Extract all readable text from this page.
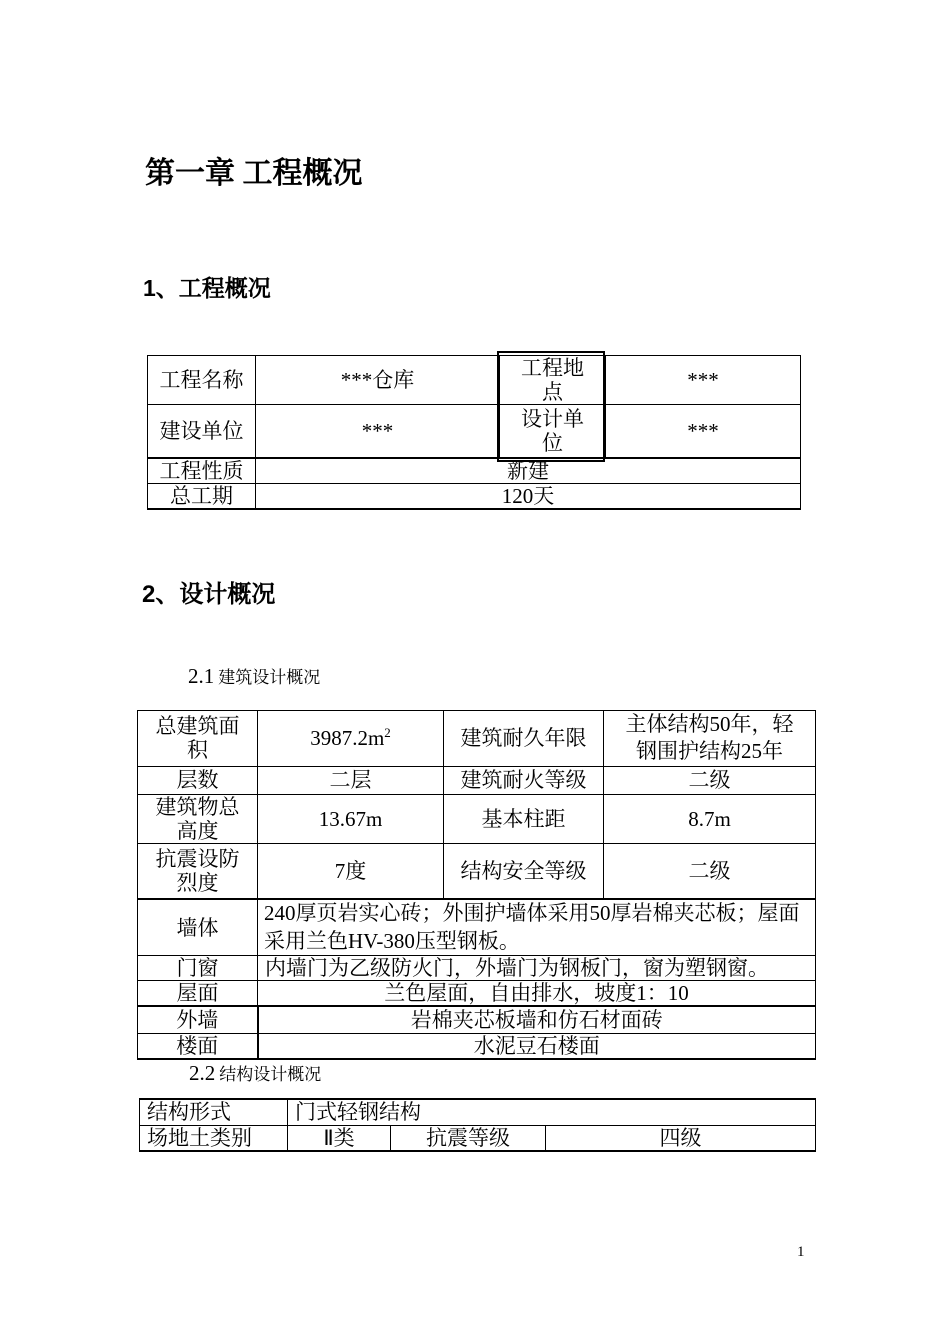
第一章 工程概况
1、工程概况
工程名称	***仓库	工程地点	***
建设单位	***	设计单位	***
工程性质	新建		
总工期	120天		
2、设计概况
2.1 建筑设计概况
总建筑面积	$3987.2m^2$	建筑耐久年限	主体结构50年，轻钢围护结构25年

层数	二层	建筑耐火等级	二级

建筑物总高度	13.67m	基本柱距	8.7m

抗震设防烈度	7度	结构安全等级	二级
墙体	240厚页岩实心砖；外围护墙体采用50厚岩棉夹芯板；屋面采用兰色HV-380压型钢板。		
门窗	内墙门为乙级防火门，外墙门为钢板门，窗为塑钢窗。		
屋面	兰色屋面，自由排水，坡度1：10		
外墙	岩棉夹芯板墙和仿石材面砖		
楼面	水泥豆石楼面		
2.2 结构设计概况
结构形式	门式轻钢结构		
场地土类别	Ⅱ类	抗震等级	四级
1
